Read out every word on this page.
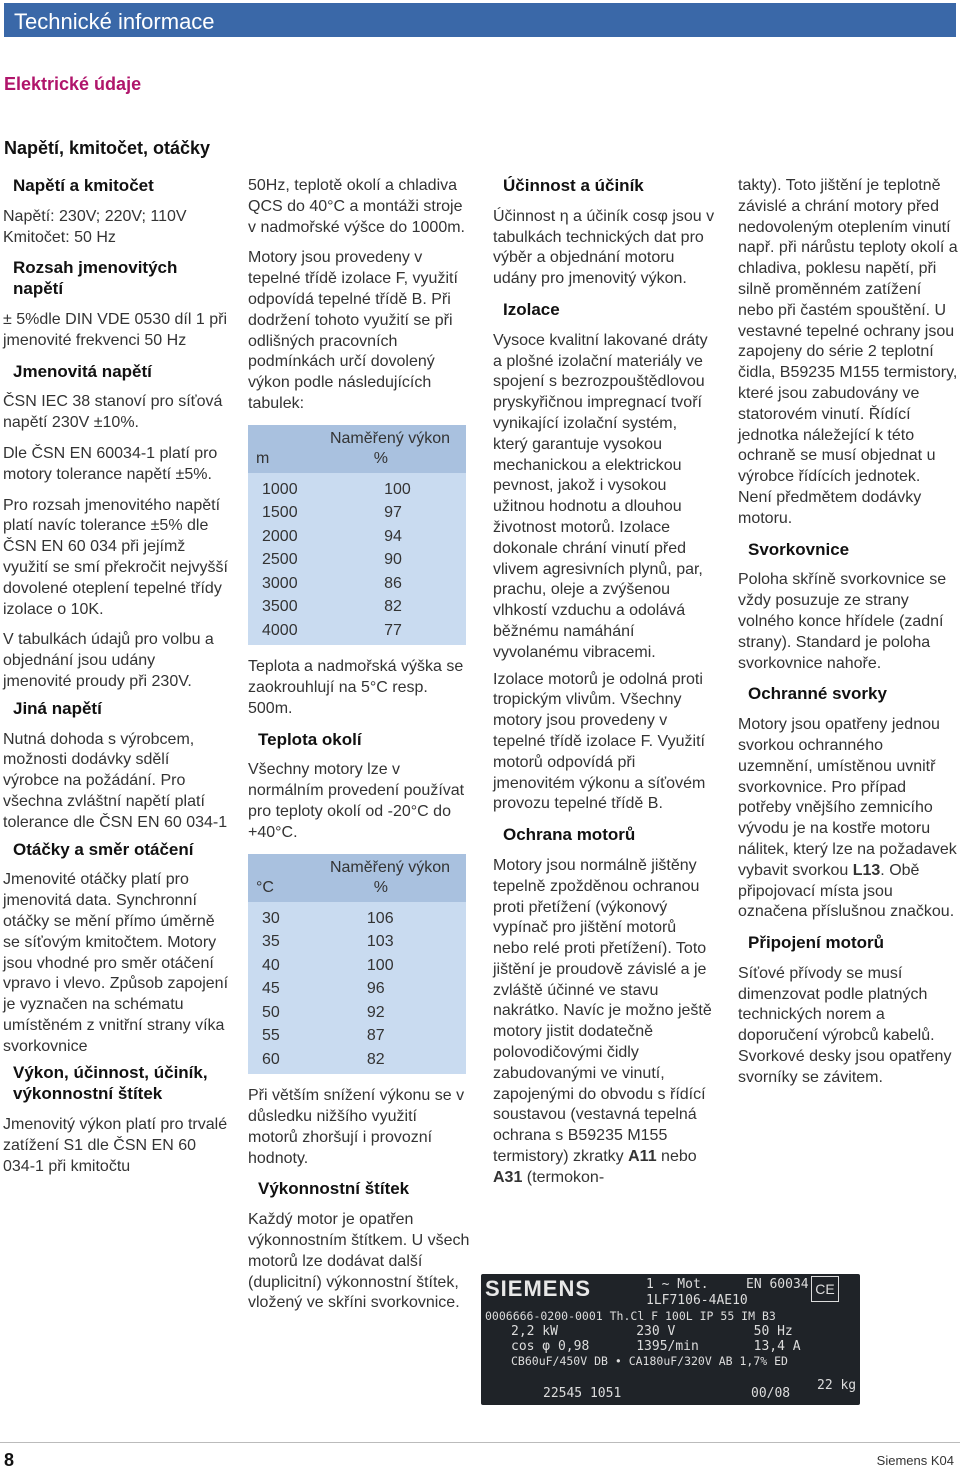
Technické informace
Elektrické údaje
Napětí, kmitočet, otáčky
Napětí a kmitočet

Napětí: 230V; 220V; 110V Kmitočet: 50 Hz

Rozsah jmenovitých napětí

± 5%dle DIN VDE 0530 díl 1 při jmenovité frekvenci 50 Hz

Jmenovitá napětí

ČSN IEC 38 stanoví pro síťová napětí 230V ±10%.

Dle ČSN EN 60034-1 platí pro motory tolerance napětí ±5%.

Pro rozsah jmenovitého napětí platí navíc tolerance ±5% dle ČSN EN 60 034 při jejímž využití se smí překročit nejvyšší dovolené oteplení tepelné třídy izolace o 10K.

V tabulkách údajů pro volbu a objednání jsou udány jmenovité proudy při 230V.

Jiná napětí

Nutná dohoda s výrobcem, možnosti dodávky sdělí výrobce na požádání. Pro všechna zvláštní napětí platí tolerance dle ČSN EN 60 034-1

Otáčky a směr otáčení

Jmenovité otáčky platí pro jmenovitá data. Synchronní otáčky se mění přímo úměrně se síťovým kmitočtem. Motory jsou vhodné pro směr otáčení vpravo i vlevo. Způsob zapojení je vyznačen na schématu umístěném z vnitřní strany víka svorkovnice

Výkon, účinnost, účiník, výkonnostní štítek

Jmenovitý výkon platí pro trvalé zatížení S1 dle ČSN EN 60 034-1 při kmitočtu

50Hz, teplotě okolí a chladiva QCS do 40°C a montáži stroje v nadmořské výšce do 1000m.

Motory jsou provedeny v tepelné třídě izolace F, využití odpovídá tepelné třídě B. Při dodržení tohoto využití se při odlišných pracovních podmínkách určí dovolený výkon podle následujících tabulek:

Naměřený výkon
m %	

1000	100
1500	97
2000	94
2500	90
3000	86
3500	82
4000	77

Teplota a nadmořská výška se zaokrouhlují na 5°C resp. 500m.

Teplota okolí

Všechny motory lze v normálním provedení používat pro teploty okolí od -20°C do +40°C.

Naměřený výkon
°C %	

30	106
35	103
40	100
45	96
50	92
55	87
60	82

Při větším snížení výkonu se v důsledku nižšího využití motorů zhoršují i provozní hodnoty.

Výkonnostní štítek

Každý motor je opatřen výkonnostním štítkem. U všech motorů lze dodávat další (duplicitní) výkonnostní štítek, vložený ve skříni svorkovnice.

Účinnost a účiník

Účinnost η a účiník cosφ jsou v tabulkách technických dat pro výběr a objednání motoru udány pro jmenovitý výkon.

Izolace

Vysoce kvalitní lakované dráty a plošné izolační materiály ve spojení s bezrozpouštědlovou pryskyřičnou impregnací tvoří vynikající izolační systém, který garantuje vysokou mechanickou a elektrickou pevnost, jakož i vysokou užitnou hodnotu a dlouhou životnost motorů. Izolace dokonale chrání vinutí před vlivem agresivních plynů, par, prachu, oleje a zvýšenou vlhkostí vzduchu a odolává běžnému namáhání vyvolanému vibracemi.

Izolace motorů je odolná proti tropickým vlivům. Všechny motory jsou provedeny v tepelné třídě izolace F. Využití motorů odpovídá při jmenovitém výkonu a síťovém provozu tepelné třídě B.

Ochrana motorů

Motory jsou normálně jištěny tepelně zpožděnou ochranou proti přetížení (výkonový vypínač pro jištění motorů nebo relé proti přetížení). Toto jištění je proudově závislé a je zvláště účinné ve stavu nakrátko. Navíc je možno ještě motory jistit dodatečně polovodičovými čidly zabudovanými ve vinutí, zapojenými do obvodu s řídící soustavou (vestavná tepelná ochrana s B59235 M155 termistory) zkratky A11 nebo A31 (termokon-

takty). Toto jištění je teplotně závislé a chrání motory před nedovoleným oteplením vinutí např. při nárůstu teploty okolí a chladiva, poklesu napětí, při silně proměnném zatížení nebo při častém spouštění. U vestavné tepelné ochrany jsou zapojeny do série 2 teplotní čidla, B59235 M155 termistory, které jsou zabudovány ve statorovém vinutí. Řídící jednotka náležející k této ochraně se musí objednat u výrobce řídících jednotek. Není předmětem dodávky motoru.

Svorkovnice

Poloha skříně svorkovnice se vždy posuzuje ze strany volného konce hřídele (zadní strany). Standard je poloha svorkovnice nahoře.

Ochranné svorky

Motory jsou opatřeny jednou svorkou ochranného uzemnění, umístěnou uvnitř svorkovnice. Pro případ potřeby vnějšího zemnicího vývodu je na kostře motoru nálitek, který lze na požadavek vybavit svorkou L13. Obě připojovací místa jsou označena příslušnou značkou.

Připojení motorů

Síťové přívody se musí dimenzovat podle platných technických norem a doporučení výrobců kabelů. Svorkové desky jsou opatřeny svorníky se závitem.

SIEMENS	1 ~ Mot.	EN 60034 CE
1LF7106-4AE10
0006666-0200-0001 Th.Cl F 100L IP 55 IM B3
2,2 kW          230 V          50 Hz
cos φ 0,98      1395/min       13,4 A
CB60uF/450V DB • CA180uF/320V AB 1,7% ED
22545 1051	00/08
22 kg
8	Siemens K04
